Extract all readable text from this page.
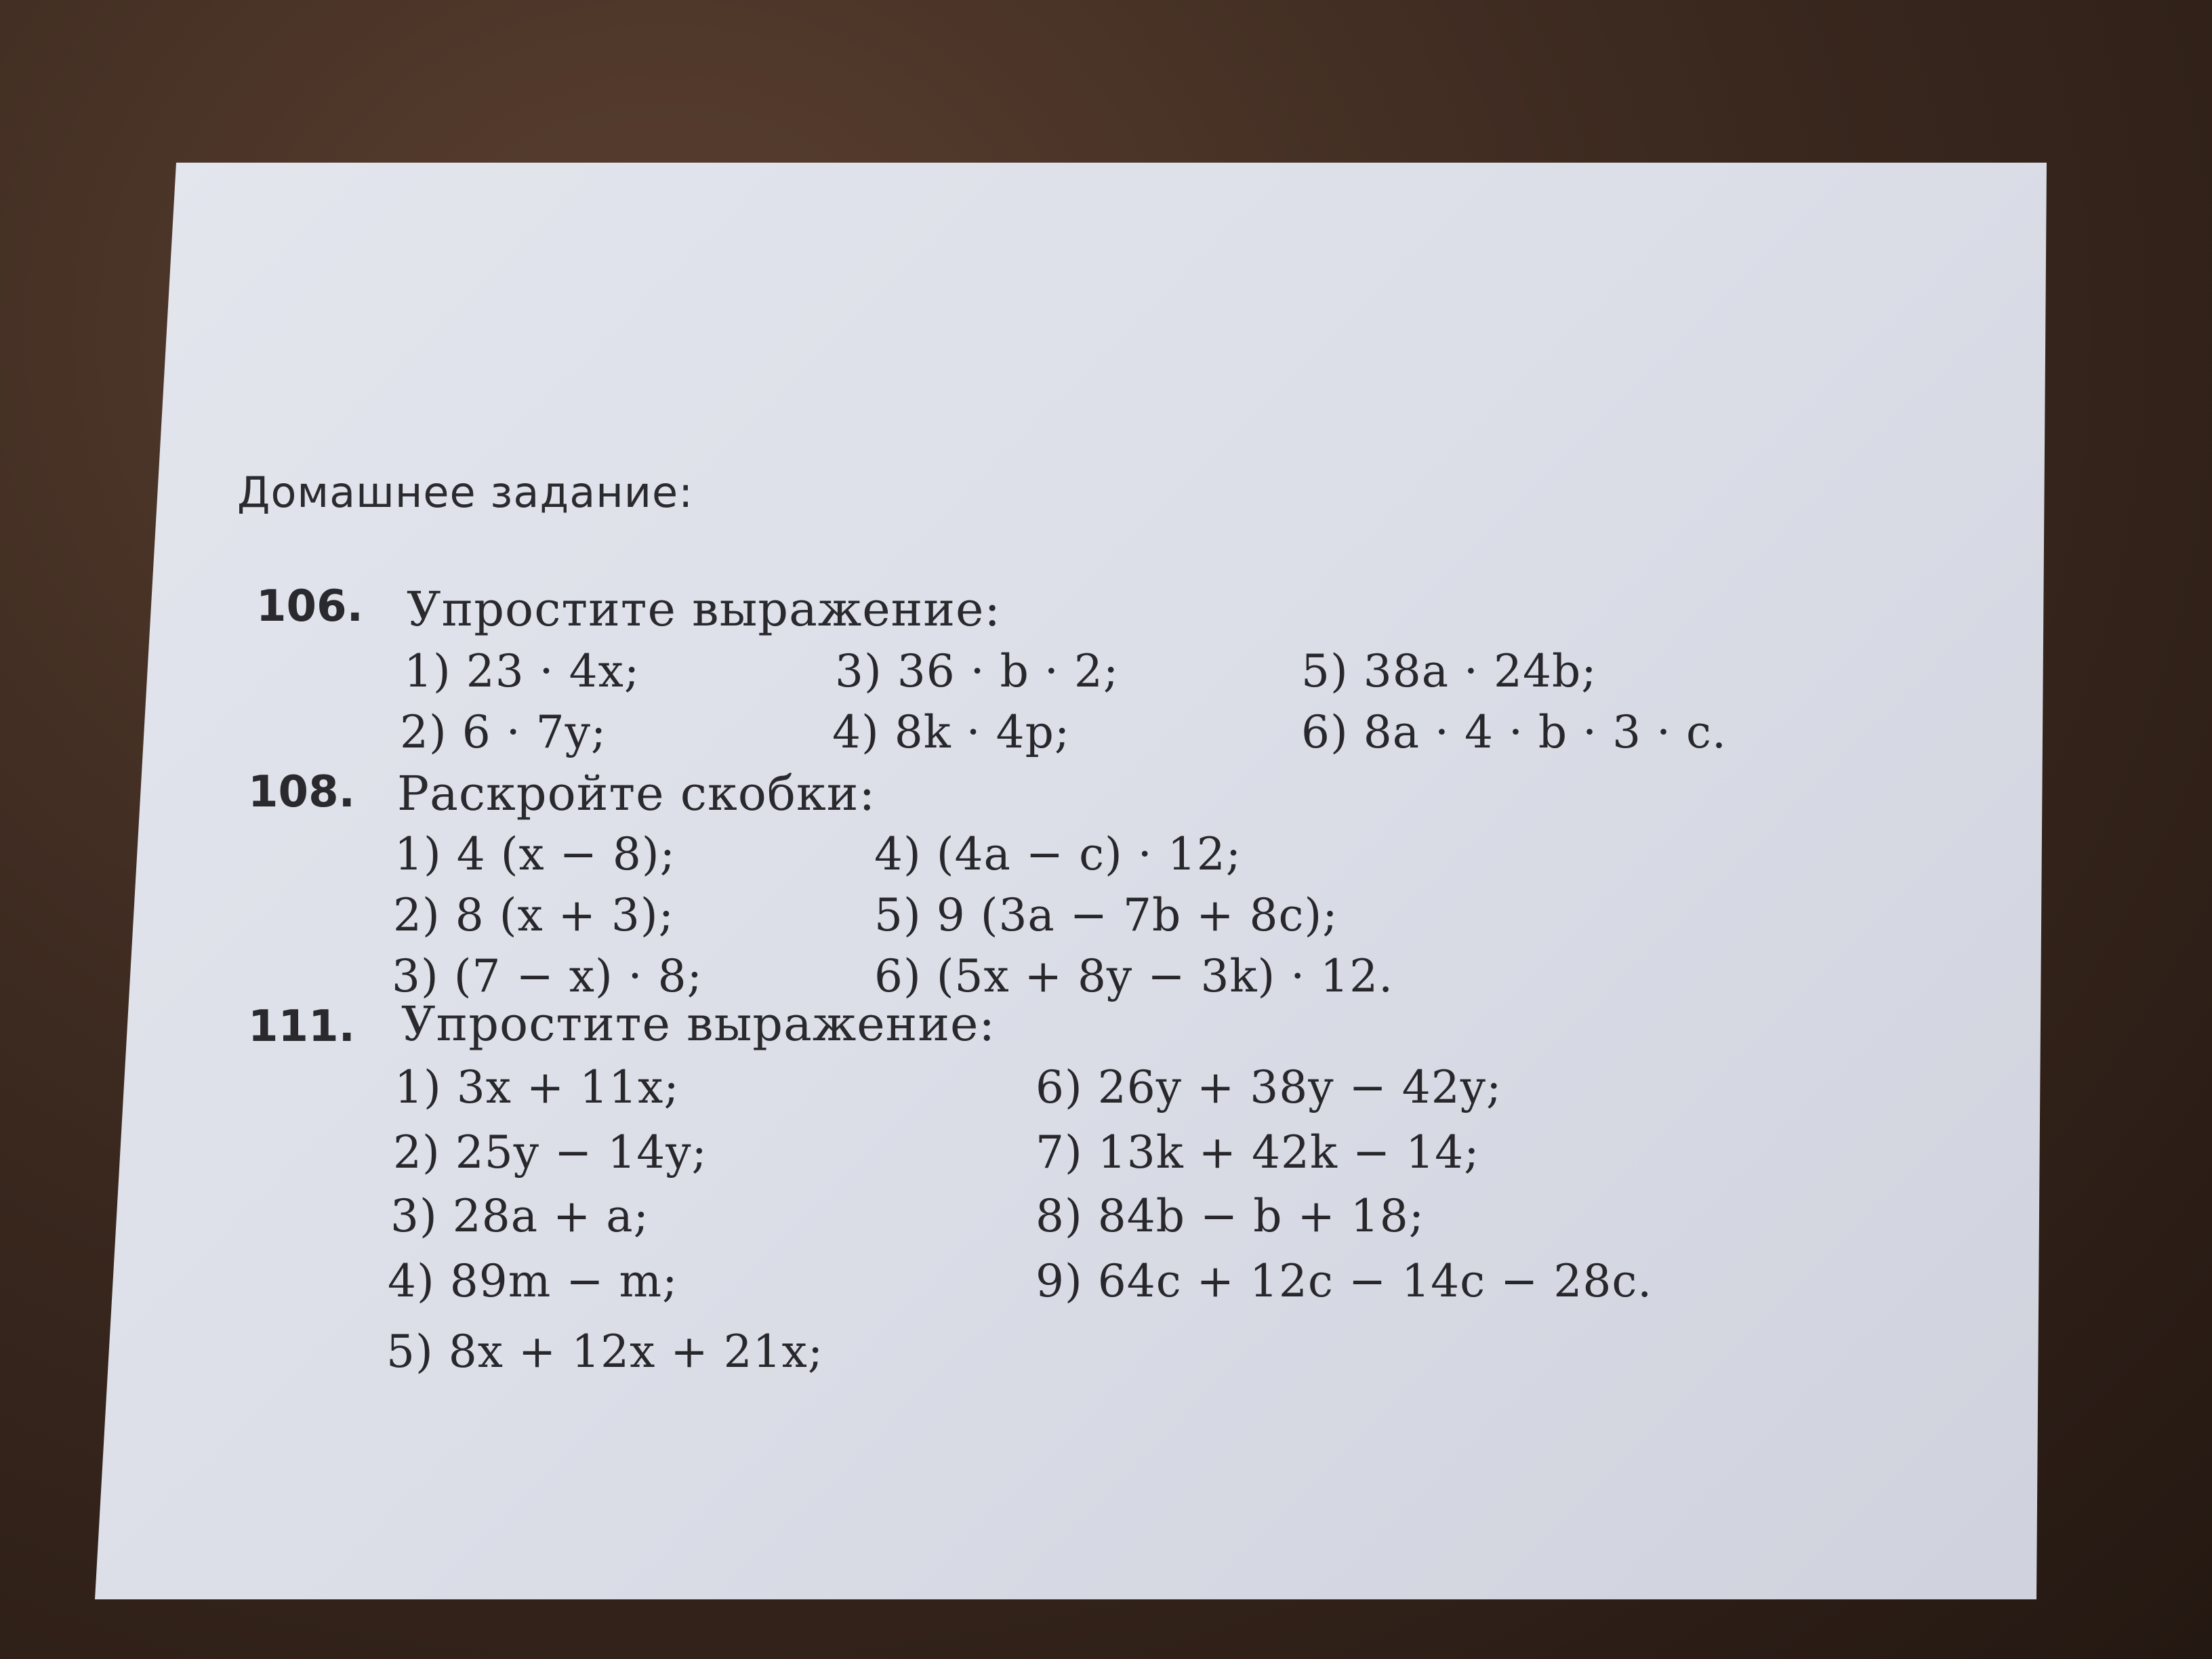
Домашнее задание:
106. Упростите выражение:
1) 23 · 4x;
2) 6 · 7y;
3) 36 · b · 2;
4) 8k · 4p;
5) 38a · 24b;
6) 8a · 4 · b · 3 · c.
108. Раскройте скобки:
1) 4 (x − 8);
2) 8 (x + 3);
3) (7 − x) · 8;
4) (4a − c) · 12;
5) 9 (3a − 7b + 8c);
6) (5x + 8y − 3k) · 12.
111. Упростите выражение:
1) 3x + 11x;
2) 25y − 14y;
3) 28a + a;
4) 89m − m;
5) 8x + 12x + 21x;
6) 26y + 38y − 42y;
7) 13k + 42k − 14;
8) 84b − b + 18;
9) 64c + 12c − 14c − 28c.
